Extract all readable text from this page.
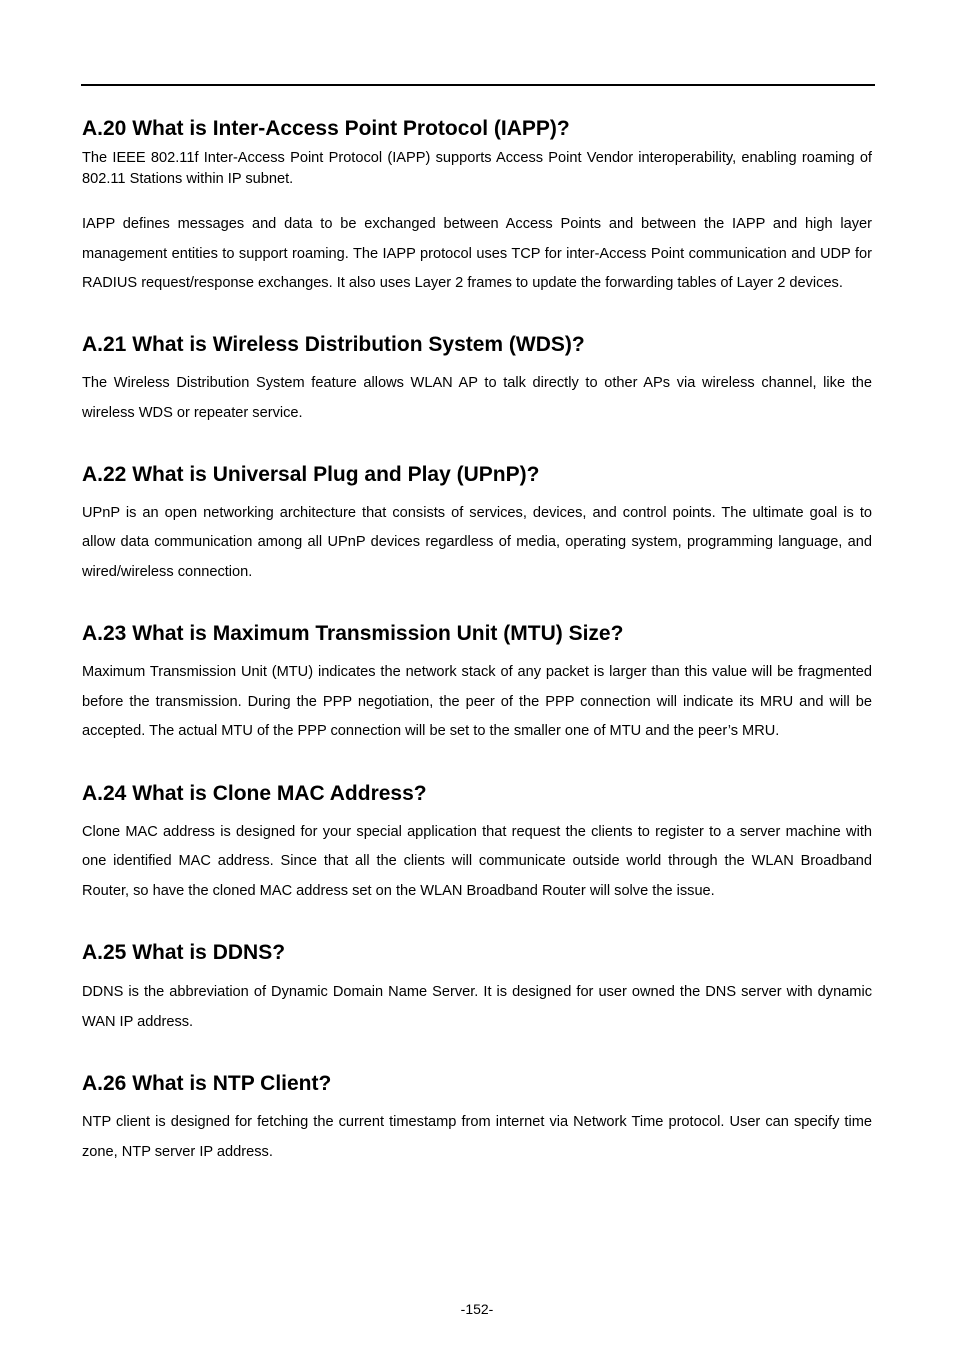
A.20 What is Inter-Access Point Protocol (IAPP)?

The IEEE 802.11f Inter-Access Point Protocol (IAPP) supports Access Point Vendor interoperability, enabling roaming of 802.11 Stations within IP subnet.

IAPP defines messages and data to be exchanged between Access Points and between the IAPP and high layer management entities to support roaming. The IAPP protocol uses TCP for inter-Access Point communication and UDP for RADIUS request/response exchanges. It also uses Layer 2 frames to update the forwarding tables of Layer 2 devices.

A.21 What is Wireless Distribution System (WDS)?

The Wireless Distribution System feature allows WLAN AP to talk directly to other APs via wireless channel, like the wireless WDS or repeater service.

A.22 What is Universal Plug and Play (UPnP)?

UPnP is an open networking architecture that consists of services, devices, and control points. The ultimate goal is to allow data communication among all UPnP devices regardless of media, operating system, programming language, and wired/wireless connection.

A.23 What is Maximum Transmission Unit (MTU) Size?

Maximum Transmission Unit (MTU) indicates the network stack of any packet is larger than this value will be fragmented before the transmission. During the PPP negotiation, the peer of the PPP connection will indicate its MRU and will be accepted. The actual MTU of the PPP connection will be set to the smaller one of MTU and the peer’s MRU.

A.24 What is Clone MAC Address?

Clone MAC address is designed for your special application that request the clients to register to a server machine with one identified MAC address. Since that all the clients will communicate outside world through the WLAN Broadband Router, so have the cloned MAC address set on the WLAN Broadband Router will solve the issue.

A.25 What is DDNS?

DDNS is the abbreviation of Dynamic Domain Name Server. It is designed for user owned the DNS server with dynamic WAN IP address.

A.26 What is NTP Client?

NTP client is designed for fetching the current timestamp from internet via Network Time protocol. User can specify time zone, NTP server IP address.

-152-
